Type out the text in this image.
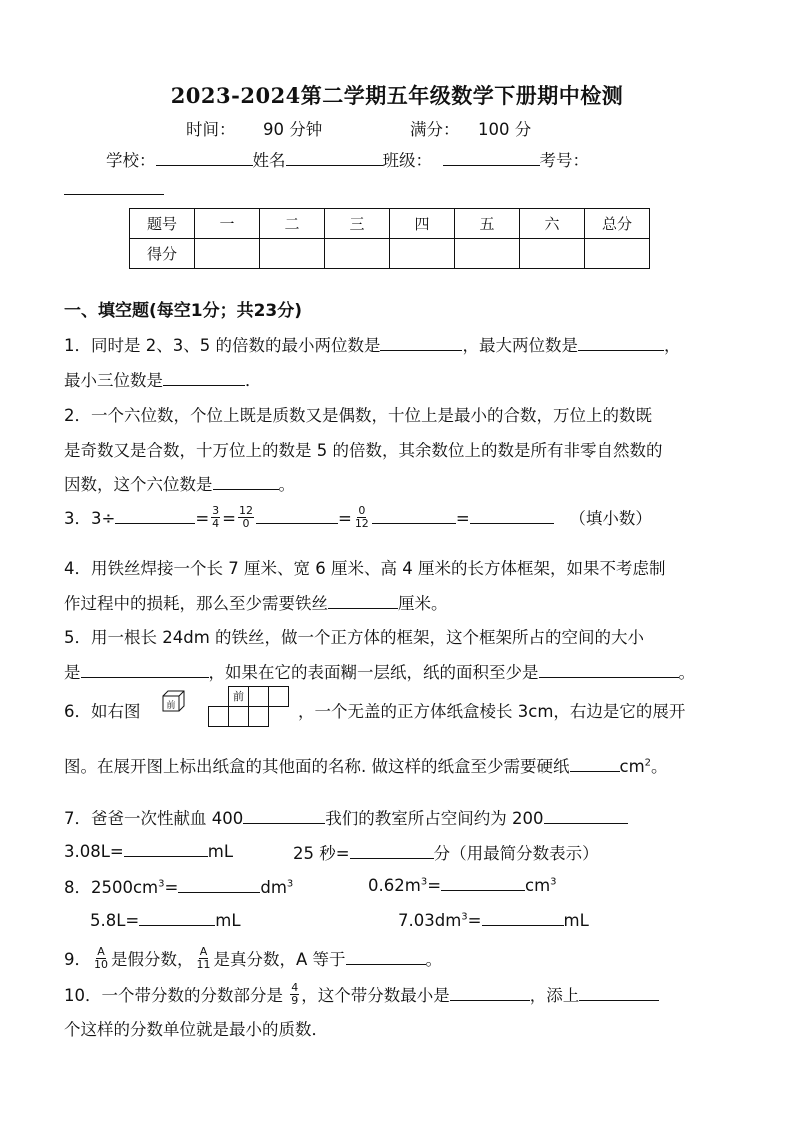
2023-2024第二学期五年级数学下册期中检测
时间： 90 分钟	满分： 100 分
学校：	姓名	班级：	考号：
题号	一	二	三	四	五	六	总分
得分							
一、填空题(每空1分；共23分)
1．同时是 2、3、5 的倍数的最小两位数是	，最大两位数是	，
最小三位数是	．
2．一个六位数，个位上既是质数又是偶数，十位上是最小的合数，万位上的数既
是奇数又是合数，十万位上的数是 5 的倍数，其余数位上的数是所有非零自然数的
因数，这个六位数是	。
3．3÷	= $\frac{3}{4} = \frac{12}{0}$	= $\frac{0}{12}$	=	（填小数）
4．用铁丝焊接一个长 7 厘米、宽 6 厘米、高 4 厘米的长方体框架，如果不考虑制
作过程中的损耗，那么至少需要铁丝	厘米。
5．用一根长 24dm 的铁丝，做一个正方体的框架，这个框架所占的空间的大小
是	，如果在它的表面糊一层纸，纸的面积至少是	。
6．如右图	前
前
，一个无盖的正方体纸盒棱长 3cm，右边是它的展开
图。在展开图上标出纸盒的其他面的名称. 做这样的纸盒至少需要硬纸	$cm^2$。
7．爸爸一次性献血 400	我们的教室所占空间约为 200
3.08L=	mL	25 秒=	分（用最简分数表示）
8．$2500cm^3=$	$dm^3$	$0.62m^3=$	$cm^3$
5.8L=	mL	$7.03dm^3=$	mL
9． $\frac{A}{10}$ 是假分数， $\frac{A}{11}$ 是真分数，A 等于	。
10．一个带分数的分数部分是 $\frac{4}{9}$ ，这个带分数最小是	，添上
个这样的分数单位就是最小的质数．
